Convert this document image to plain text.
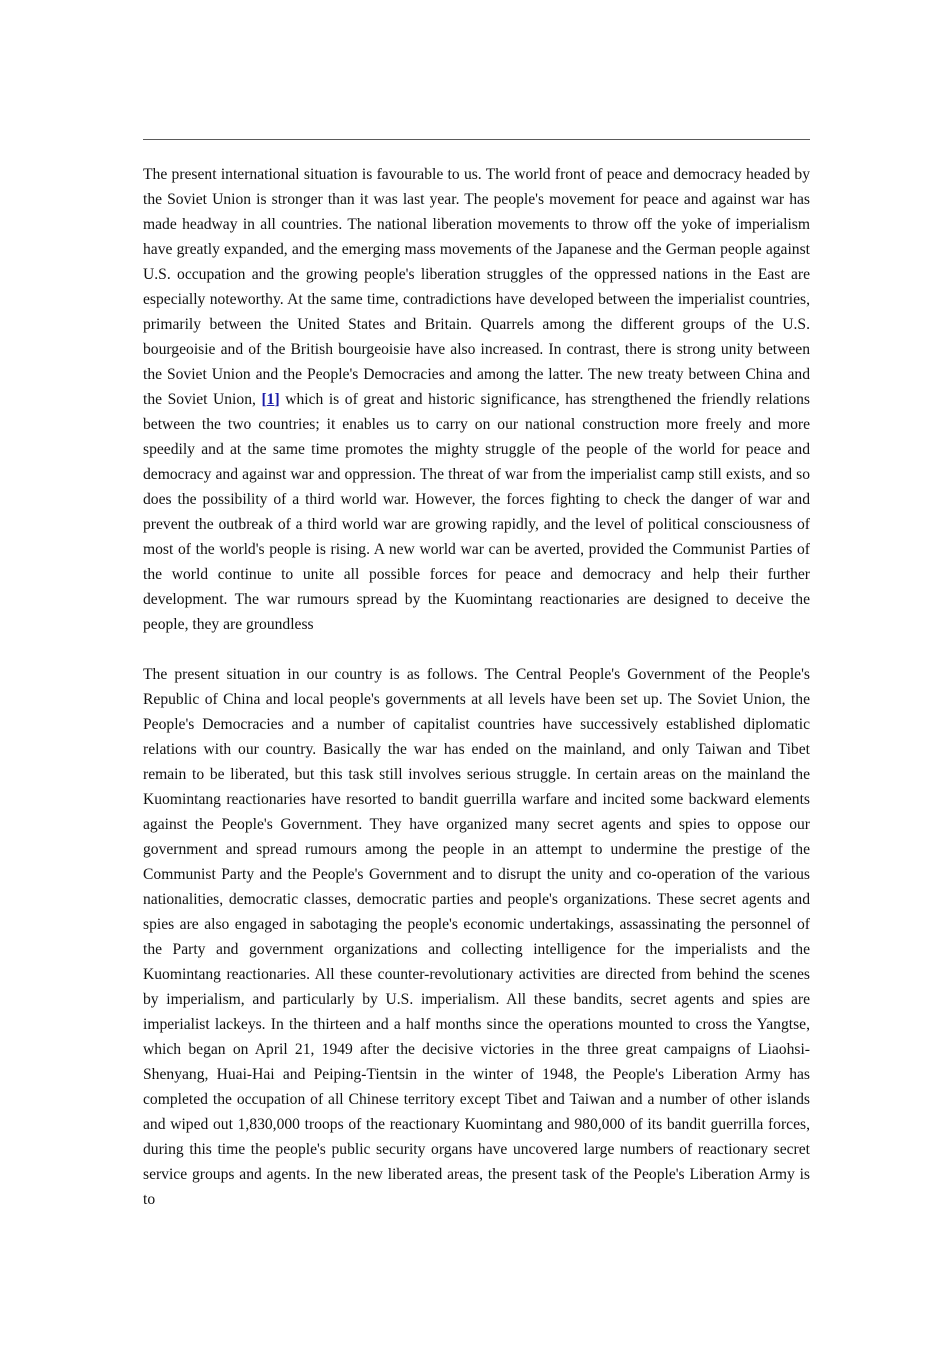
The present international situation is favourable to us. The world front of peace and democracy headed by the Soviet Union is stronger than it was last year. The people's movement for peace and against war has made headway in all countries. The national liberation movements to throw off the yoke of imperialism have greatly expanded, and the emerging mass movements of the Japanese and the German people against U.S. occupation and the growing people's liberation struggles of the oppressed nations in the East are especially noteworthy. At the same time, contradictions have developed between the imperialist countries, primarily between the United States and Britain. Quarrels among the different groups of the U.S. bourgeoisie and of the British bourgeoisie have also increased. In contrast, there is strong unity between the Soviet Union and the People's Democracies and among the latter. The new treaty between China and the Soviet Union, [1] which is of great and historic significance, has strengthened the friendly relations between the two countries; it enables us to carry on our national construction more freely and more speedily and at the same time promotes the mighty struggle of the people of the world for peace and democracy and against war and oppression. The threat of war from the imperialist camp still exists, and so does the possibility of a third world war. However, the forces fighting to check the danger of war and prevent the outbreak of a third world war are growing rapidly, and the level of political consciousness of most of the world's people is rising. A new world war can be averted, provided the Communist Parties of the world continue to unite all possible forces for peace and democracy and help their further development. The war rumours spread by the Kuomintang reactionaries are designed to deceive the people, they are groundless

The present situation in our country is as follows. The Central People's Government of the People's Republic of China and local people's governments at all levels have been set up. The Soviet Union, the People's Democracies and a number of capitalist countries have successively established diplomatic relations with our country. Basically the war has ended on the mainland, and only Taiwan and Tibet remain to be liberated, but this task still involves serious struggle. In certain areas on the mainland the Kuomintang reactionaries have resorted to bandit guerrilla warfare and incited some backward elements against the People's Government. They have organized many secret agents and spies to oppose our government and spread rumours among the people in an attempt to undermine the prestige of the Communist Party and the People's Government and to disrupt the unity and co-operation of the various nationalities, democratic classes, democratic parties and people's organizations. These secret agents and spies are also engaged in sabotaging the people's economic undertakings, assassinating the personnel of the Party and government organizations and collecting intelligence for the imperialists and the Kuomintang reactionaries. All these counter-revolutionary activities are directed from behind the scenes by imperialism, and particularly by U.S. imperialism. All these bandits, secret agents and spies are imperialist lackeys. In the thirteen and a half months since the operations mounted to cross the Yangtse, which began on April 21, 1949 after the decisive victories in the three great campaigns of Liaohsi-Shenyang, Huai-Hai and Peiping-Tientsin in the winter of 1948, the People's Liberation Army has completed the occupation of all Chinese territory except Tibet and Taiwan and a number of other islands and wiped out 1,830,000 troops of the reactionary Kuomintang and 980,000 of its bandit guerrilla forces, during this time the people's public security organs have uncovered large numbers of reactionary secret service groups and agents. In the new liberated areas, the present task of the People's Liberation Army is to
